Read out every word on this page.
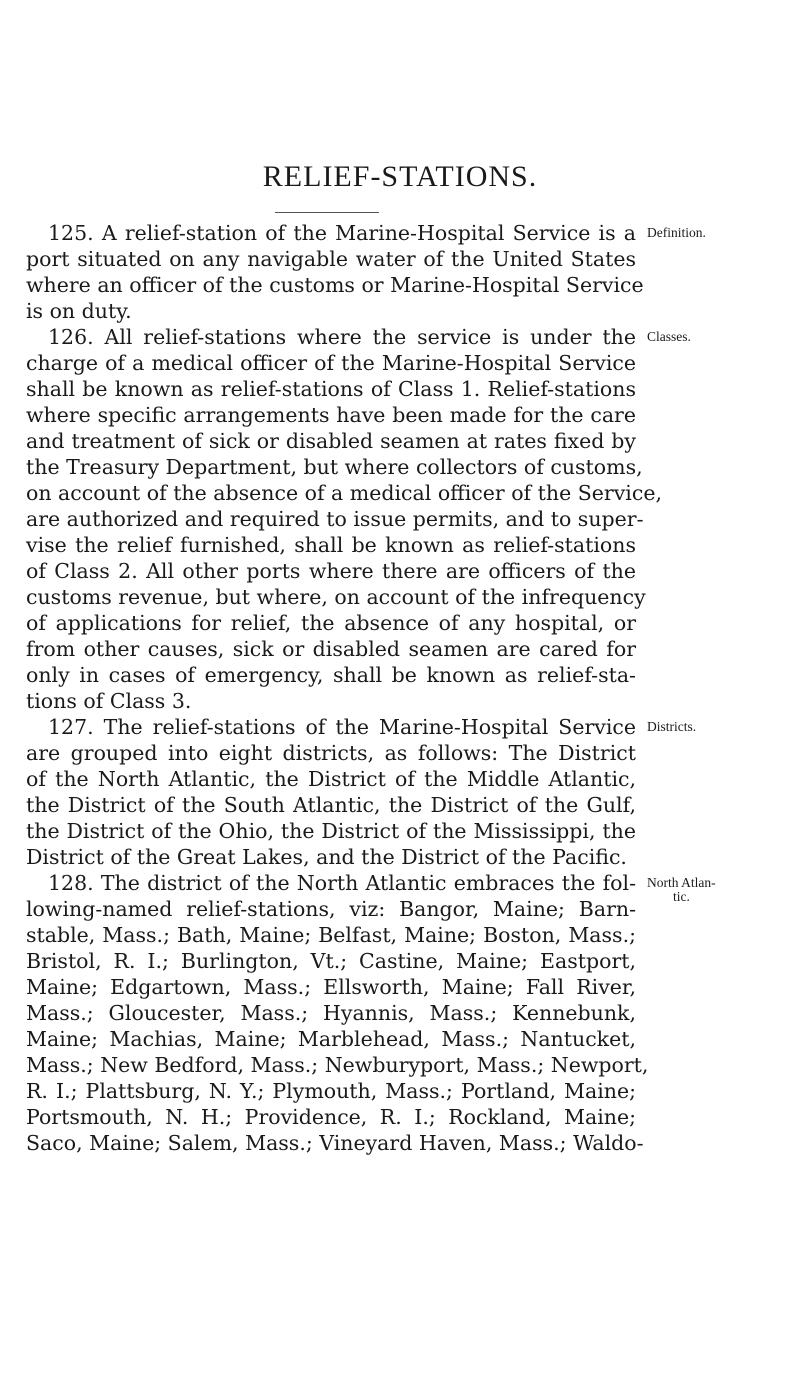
RELIEF-STATIONS.
125. A relief-station of the Marine-Hospital Service is a
port situated on any navigable water of the United States
where an officer of the customs or Marine-Hospital Service
is on duty.
126. All relief-stations where the service is under the
charge of a medical officer of the Marine-Hospital Service
shall be known as relief-stations of Class 1. Relief-stations
where specific arrangements have been made for the care
and treatment of sick or disabled seamen at rates fixed by
the Treasury Department, but where collectors of customs,
on account of the absence of a medical officer of the Service,
are authorized and required to issue permits, and to super-
vise the relief furnished, shall be known as relief-stations
of Class 2. All other ports where there are officers of the
customs revenue, but where, on account of the infrequency
of applications for relief, the absence of any hospital, or
from other causes, sick or disabled seamen are cared for
only in cases of emergency, shall be known as relief-sta-
tions of Class 3.
127. The relief-stations of the Marine-Hospital Service
are grouped into eight districts, as follows: The District
of the North Atlantic, the District of the Middle Atlantic,
the District of the South Atlantic, the District of the Gulf,
the District of the Ohio, the District of the Mississippi, the
District of the Great Lakes, and the District of the Pacific.
128. The district of the North Atlantic embraces the fol-
lowing-named relief-stations, viz: Bangor, Maine; Barn-
stable, Mass.; Bath, Maine; Belfast, Maine; Boston, Mass.;
Bristol, R. I.; Burlington, Vt.; Castine, Maine; Eastport,
Maine; Edgartown, Mass.; Ellsworth, Maine; Fall River,
Mass.; Gloucester, Mass.; Hyannis, Mass.; Kennebunk,
Maine; Machias, Maine; Marblehead, Mass.; Nantucket,
Mass.; New Bedford, Mass.; Newburyport, Mass.; Newport,
R. I.; Plattsburg, N. Y.; Plymouth, Mass.; Portland, Maine;
Portsmouth, N. H.; Providence, R. I.; Rockland, Maine;
Saco, Maine; Salem, Mass.; Vineyard Haven, Mass.; Waldo-
Definition.
Classes.
Districts.
North Atlan-
tic.
